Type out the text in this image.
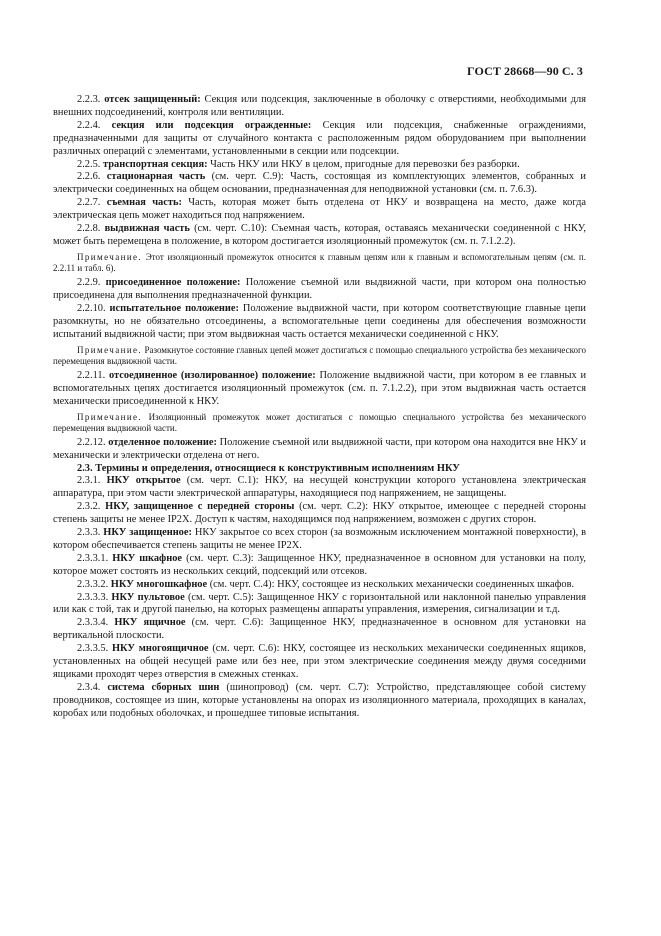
ГОСТ 28668—90 С. 3

2.2.3. отсек защищенный: Секция или подсекция, заключенные в оболочку с отверстиями, необходимыми для внешних подсоединений, контроля или вентиляции.

2.2.4. секция или подсекция огражденные: Секция или подсекция, снабженные ограждениями, предназначенными для защиты от случайного контакта с расположенным рядом оборудованием при выполнении различных операций с элементами, установленными в секции или подсекции.

2.2.5. транспортная секция: Часть НКУ или НКУ в целом, пригодные для перевозки без разборки.

2.2.6. стационарная часть (см. черт. С.9): Часть, состоящая из комплектующих элементов, собранных и электрически соединенных на общем основании, предназначенная для неподвижной установки (см. п. 7.6.3).

2.2.7. съемная часть: Часть, которая может быть отделена от НКУ и возвращена на место, даже когда электрическая цепь может находиться под напряжением.

2.2.8. выдвижная часть (см. черт. С.10): Съемная часть, которая, оставаясь механически соединенной с НКУ, может быть перемещена в положение, в котором достигается изоляционный промежуток (см. п. 7.1.2.2).

Примечание. Этот изоляционный промежуток относится к главным цепям или к главным и вспомогательным цепям (см. п. 2.2.11 и табл. 6).

2.2.9. присоединенное положение: Положение съемной или выдвижной части, при котором она полностью присоединена для выполнения предназначенной функции.

2.2.10. испытательное положение: Положение выдвижной части, при котором соответствующие главные цепи разомкнуты, но не обязательно отсоединены, а вспомогательные цепи соединены для обеспечения возможности испытаний выдвижной части; при этом выдвижная часть остается механически соединенной с НКУ.

Примечание. Разомкнутое состояние главных цепей может достигаться с помощью специального устройства без механического перемещения выдвижной части.

2.2.11. отсоединенное (изолированное) положение: Положение выдвижной части, при котором в ее главных и вспомогательных цепях достигается изоляционный промежуток (см. п. 7.1.2.2), при этом выдвижная часть остается механически присоединенной к НКУ.

Примечание. Изоляционный промежуток может достигаться с помощью специального устройства без механического перемещения выдвижной части.

2.2.12. отделенное положение: Положение съемной или выдвижной части, при котором она находится вне НКУ и механически и электрически отделена от него.

2.3. Термины и определения, относящиеся к конструктивным исполнениям НКУ

2.3.1. НКУ открытое (см. черт. С.1): НКУ, на несущей конструкции которого установлена электрическая аппаратура, при этом части электрической аппаратуры, находящиеся под напряжением, не защищены.

2.3.2. НКУ, защищенное с передней стороны (см. черт. С.2): НКУ открытое, имеющее с передней стороны степень защиты не менее IP2X. Доступ к частям, находящимся под напряжением, возможен с других сторон.

2.3.3. НКУ защищенное: НКУ закрытое со всех сторон (за возможным исключением монтажной поверхности), в котором обеспечивается степень защиты не менее IP2X.

2.3.3.1. НКУ шкафное (см. черт. С.3): Защищенное НКУ, предназначенное в основном для установки на полу, которое может состоять из нескольких секций, подсекций или отсеков.

2.3.3.2. НКУ многошкафное (см. черт. С.4): НКУ, состоящее из нескольких механически соединенных шкафов.

2.3.3.3. НКУ пультовое (см. черт. С.5): Защищенное НКУ с горизонтальной или наклонной панелью управления или как с той, так и другой панелью, на которых размещены аппараты управления, измерения, сигнализации и т.д.

2.3.3.4. НКУ ящичное (см. черт. С.6): Защищенное НКУ, предназначенное в основном для установки на вертикальной плоскости.

2.3.3.5. НКУ многоящичное (см. черт. С.6): НКУ, состоящее из нескольких механически соединенных ящиков, установленных на общей несущей раме или без нее, при этом электрические соединения между двумя соседними ящиками проходят через отверстия в смежных стенках.

2.3.4. система сборных шин (шинопровод) (см. черт. С.7): Устройство, представляющее собой систему проводников, состоящее из шин, которые установлены на опорах из изоляционного материала, проходящих в каналах, коробах или подобных оболочках, и прошедшее типовые испытания.
